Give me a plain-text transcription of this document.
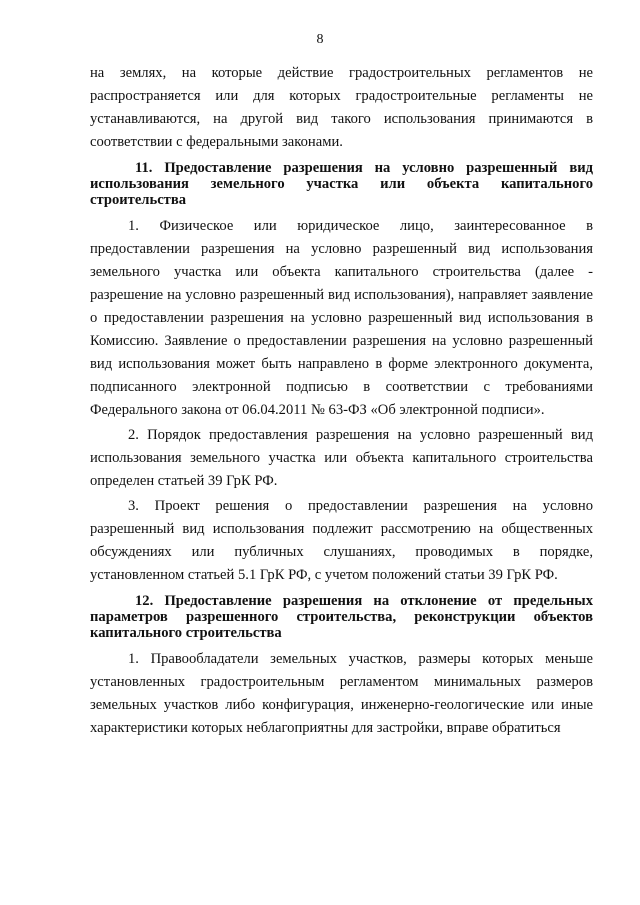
8

на землях, на которые действие градостроительных регламентов не распространяется или для которых градостроительные регламенты не устанавливаются, на другой вид такого использования принимаются в соответствии с федеральными законами.

11. Предоставление разрешения на условно разрешенный вид использования земельного участка или объекта капитального строительства

1. Физическое или юридическое лицо, заинтересованное в предоставлении разрешения на условно разрешенный вид использования земельного участка или объекта капитального строительства (далее - разрешение на условно разрешенный вид использования), направляет заявление о предоставлении разрешения на условно разрешенный вид использования в Комиссию. Заявление о предоставлении разрешения на условно разрешенный вид использования может быть направлено в форме электронного документа, подписанного электронной подписью в соответствии с требованиями Федерального закона от 06.04.2011 № 63-ФЗ «Об электронной подписи».

2. Порядок предоставления разрешения на условно разрешенный вид использования земельного участка или объекта капитального строительства определен статьей 39 ГрК РФ.

3. Проект решения о предоставлении разрешения на условно разрешенный вид использования подлежит рассмотрению на общественных обсуждениях или публичных слушаниях, проводимых в порядке, установленном статьей 5.1 ГрК РФ, с учетом положений статьи 39 ГрК РФ.

12. Предоставление разрешения на отклонение от предельных параметров разрешенного строительства, реконструкции объектов капитального строительства

1. Правообладатели земельных участков, размеры которых меньше установленных градостроительным регламентом минимальных размеров земельных участков либо конфигурация, инженерно-геологические или иные характеристики которых неблагоприятны для застройки, вправе обратиться
